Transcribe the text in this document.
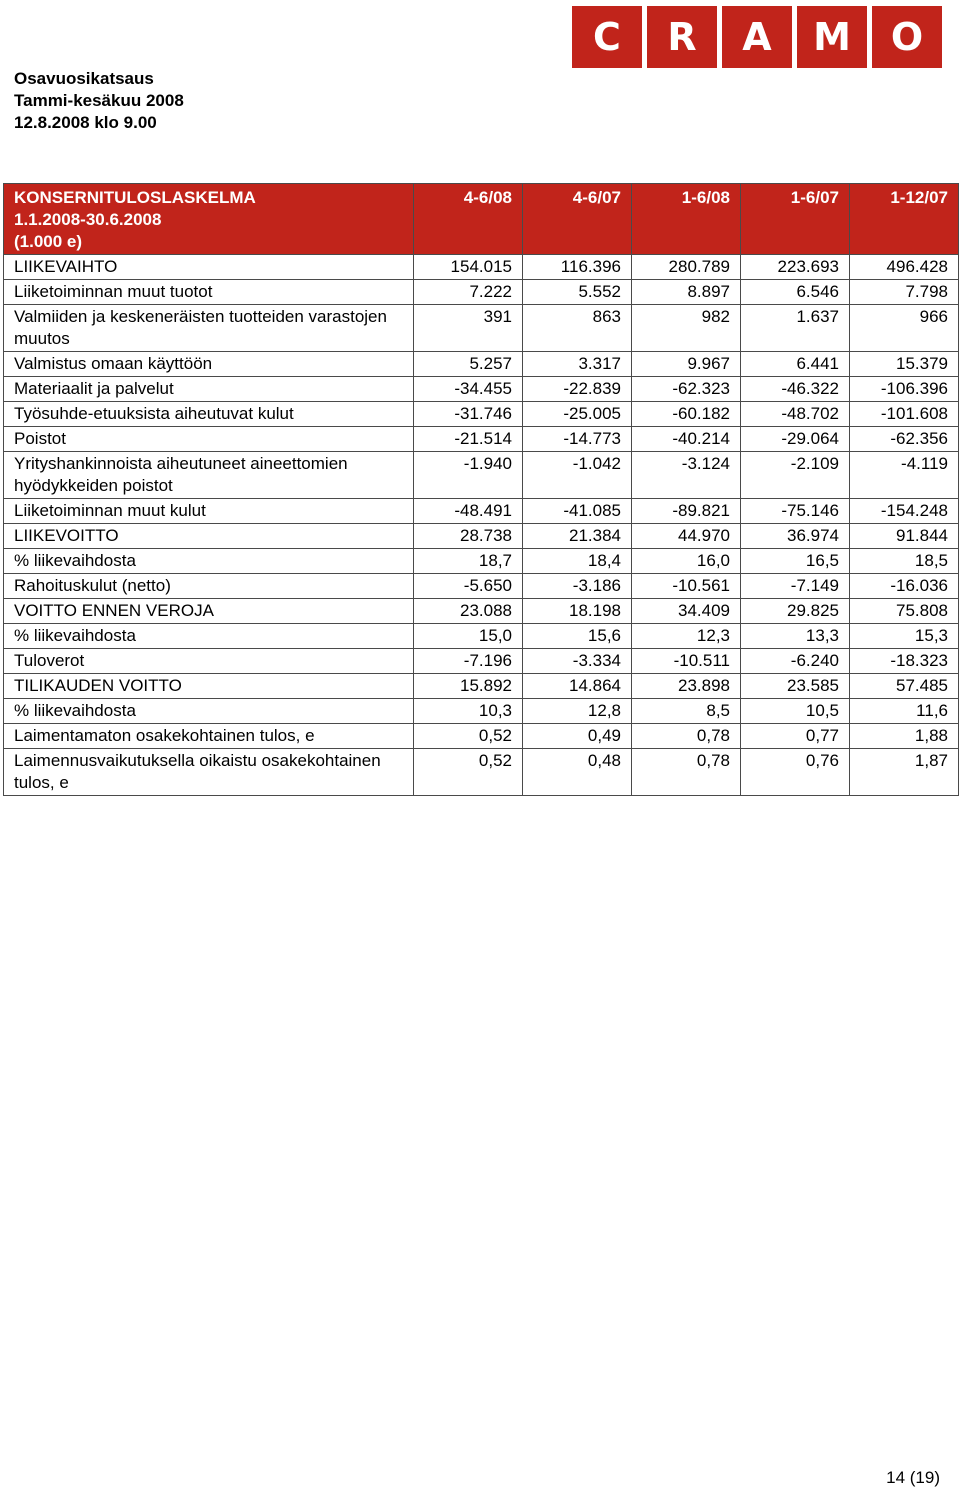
Osavuosikatsaus
Tammi-kesäkuu 2008
12.8.2008 klo 9.00
C	R	A	M	O
KONSERNITULOSLASKELMA
1.1.2008-30.6.2008
(1.000 e)	4-6/08	4-6/07	1-6/08	1-6/07	1-12/07
LIIKEVAIHTO	154.015	116.396	280.789	223.693	496.428
Liiketoiminnan muut tuotot	7.222	5.552	8.897	6.546	7.798
Valmiiden ja keskeneräisten tuotteiden varastojen muutos	391	863	982	1.637	966
Valmistus omaan käyttöön	5.257	3.317	9.967	6.441	15.379
Materiaalit ja palvelut	-34.455	-22.839	-62.323	-46.322	-106.396
Työsuhde-etuuksista aiheutuvat kulut	-31.746	-25.005	-60.182	-48.702	-101.608
Poistot	-21.514	-14.773	-40.214	-29.064	-62.356
Yrityshankinnoista aiheutuneet aineettomien hyödykkeiden poistot	-1.940	-1.042	-3.124	-2.109	-4.119
Liiketoiminnan muut kulut	-48.491	-41.085	-89.821	-75.146	-154.248
LIIKEVOITTO	28.738	21.384	44.970	36.974	91.844
% liikevaihdosta	18,7	18,4	16,0	16,5	18,5
Rahoituskulut (netto)	-5.650	-3.186	-10.561	-7.149	-16.036
VOITTO ENNEN VEROJA	23.088	18.198	34.409	29.825	75.808
% liikevaihdosta	15,0	15,6	12,3	13,3	15,3
Tuloverot	-7.196	-3.334	-10.511	-6.240	-18.323
TILIKAUDEN VOITTO	15.892	14.864	23.898	23.585	57.485
% liikevaihdosta	10,3	12,8	8,5	10,5	11,6
Laimentamaton osakekohtainen tulos, e	0,52	0,49	0,78	0,77	1,88
Laimennusvaikutuksella oikaistu osakekohtainen tulos, e	0,52	0,48	0,78	0,76	1,87
14 (19)
